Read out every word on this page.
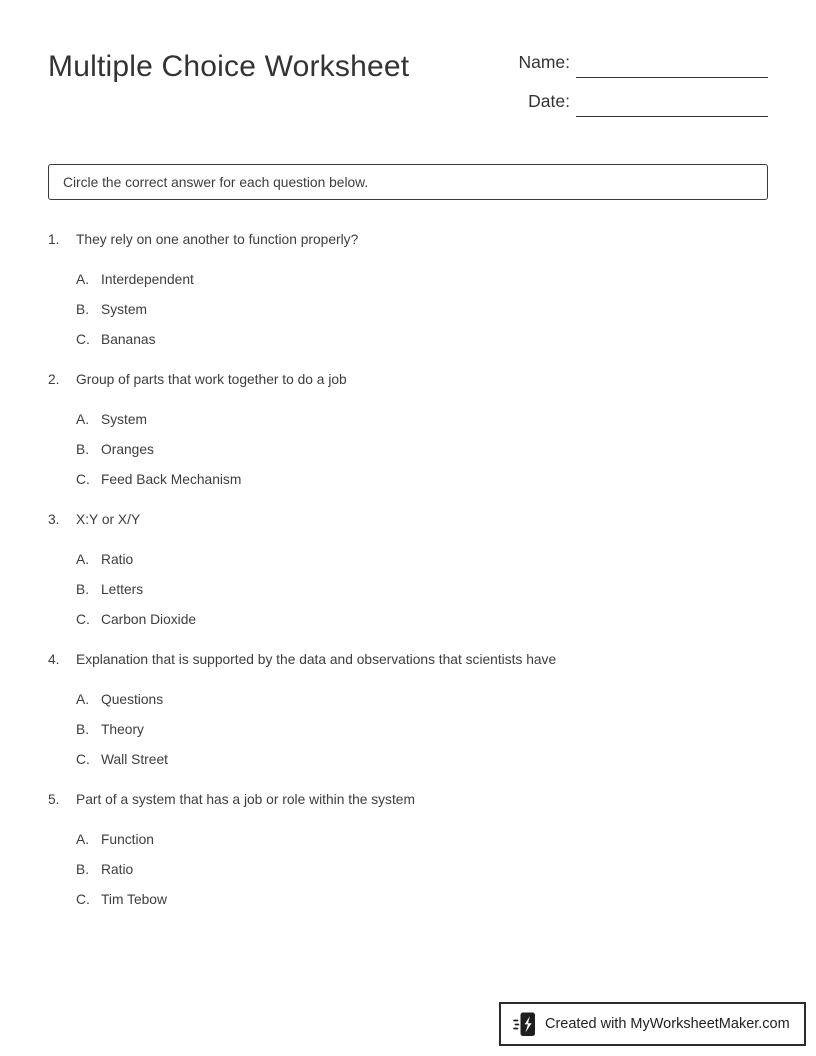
Multiple Choice Worksheet	Name:
Date:
Circle the correct answer for each question below.
1.	They rely on one another to function properly?
A. Interdependent
B. System
C. Bananas
2.	Group of parts that work together to do a job
A. System
B. Oranges
C. Feed Back Mechanism
3.	X:Y or X/Y
A. Ratio
B. Letters
C. Carbon Dioxide
4.	Explanation that is supported by the data and observations that scientists have
A. Questions
B. Theory
C. Wall Street
5.	Part of a system that has a job or role within the system
A. Function
B. Ratio
C. Tim Tebow
Created with MyWorksheetMaker.com
